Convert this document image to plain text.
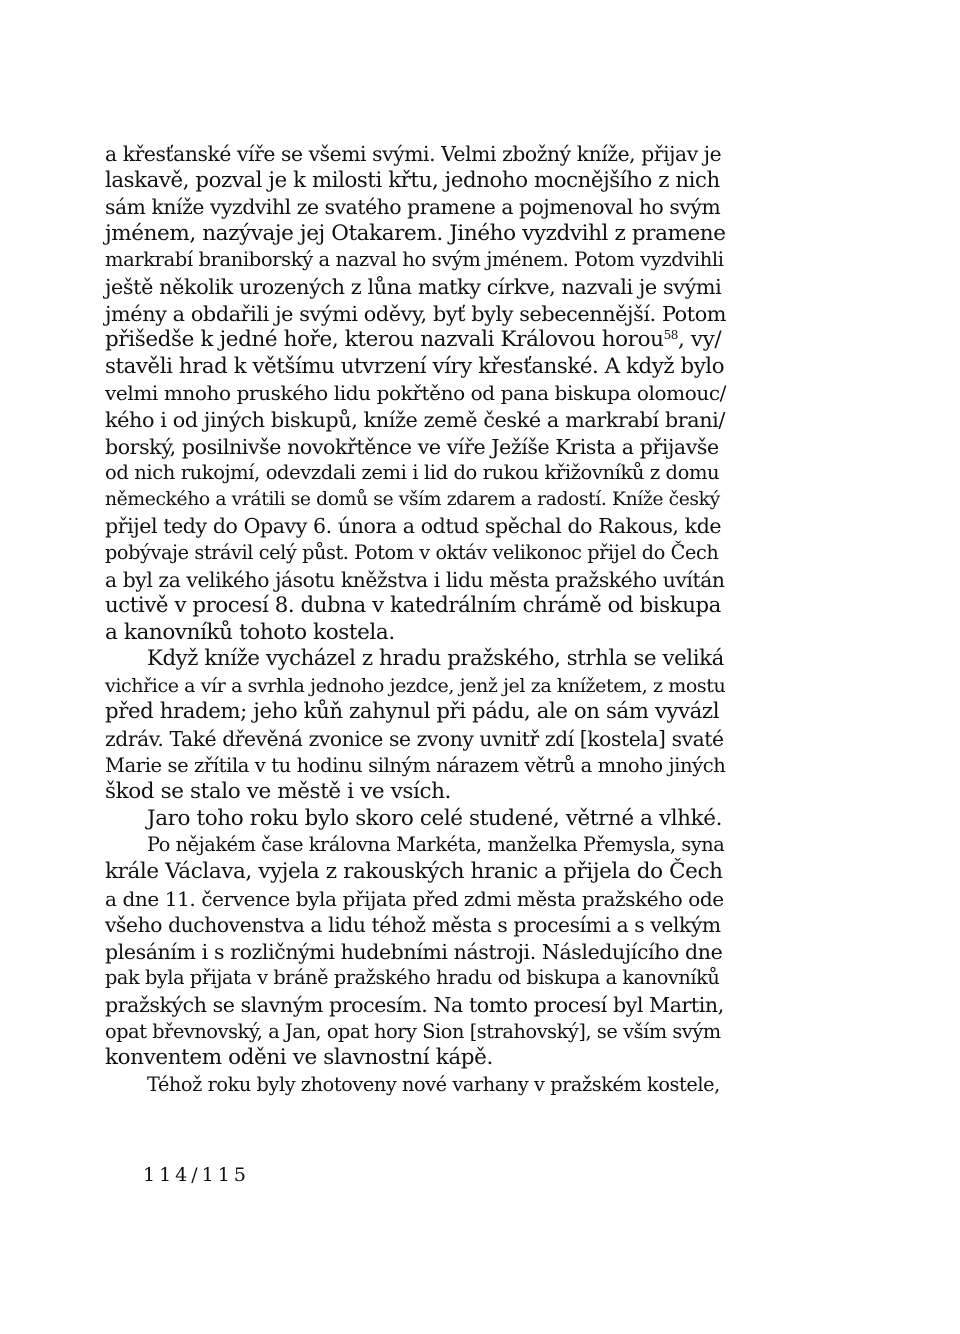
a křesťanské víře se všemi svými. Velmi zbožný kníže, přijav je
laskavě, pozval je k milosti křtu, jednoho mocnějšího z nich
sám kníže vyzdvihl ze svatého pramene a pojmenoval ho svým
jménem, nazývaje jej Otakarem. Jiného vyzdvihl z pramene
markrabí braniborský a nazval ho svým jménem. Potom vyzdvihli
ještě několik urozených z lůna matky církve, nazvali je svými
jmény a obdařili je svými oděvy, byť byly sebecennější. Potom
přišedše k jedné hoře, kterou nazvali Královou horou$^{58}$, vy/
stavěli hrad k většímu utvrzení víry křesťanské. A když bylo
velmi mnoho pruského lidu pokřtěno od pana biskupa olomouc/
kého i od jiných biskupů, kníže země české a markrabí brani/
borský, posilnivše novokřtěnce ve víře Ježíše Krista a přijavše
od nich rukojmí, odevzdali zemi i lid do rukou křižovníků z domu
německého a vrátili se domů se vším zdarem a radostí. Kníže český
přijel tedy do Opavy 6. února a odtud spěchal do Rakous, kde
pobývaje strávil celý půst. Potom v oktáv velikonoc přijel do Čech
a byl za velikého jásotu kněžstva i lidu města pražského uvítán
uctivě v procesí 8. dubna v katedrálním chrámě od biskupa
a kanovníků tohoto kostela.
Když kníže vycházel z hradu pražského, strhla se veliká
vichřice a vír a svrhla jednoho jezdce, jenž jel za knížetem, z mostu
před hradem; jeho kůň zahynul při pádu, ale on sám vyvázl
zdráv. Také dřevěná zvonice se zvony uvnitř zdí [kostela] svaté
Marie se zřítila v tu hodinu silným nárazem větrů a mnoho jiných
škod se stalo ve městě i ve vsích.
Jaro toho roku bylo skoro celé studené, větrné a vlhké.
Po nějakém čase královna Markéta, manželka Přemysla, syna
krále Václava, vyjela z rakouských hranic a přijela do Čech
a dne 11. července byla přijata před zdmi města pražského ode
všeho duchovenstva a lidu téhož města s procesími a s velkým
plesáním i s rozličnými hudebními nástroji. Následujícího dne
pak byla přijata v bráně pražského hradu od biskupa a kanovníků
pražských se slavným procesím. Na tomto procesí byl Martin,
opat břevnovský, a Jan, opat hory Sion [strahovský], se vším svým
konventem oděni ve slavnostní kápě.
Téhož roku byly zhotoveny nové varhany v pražském kostele,
114/115
